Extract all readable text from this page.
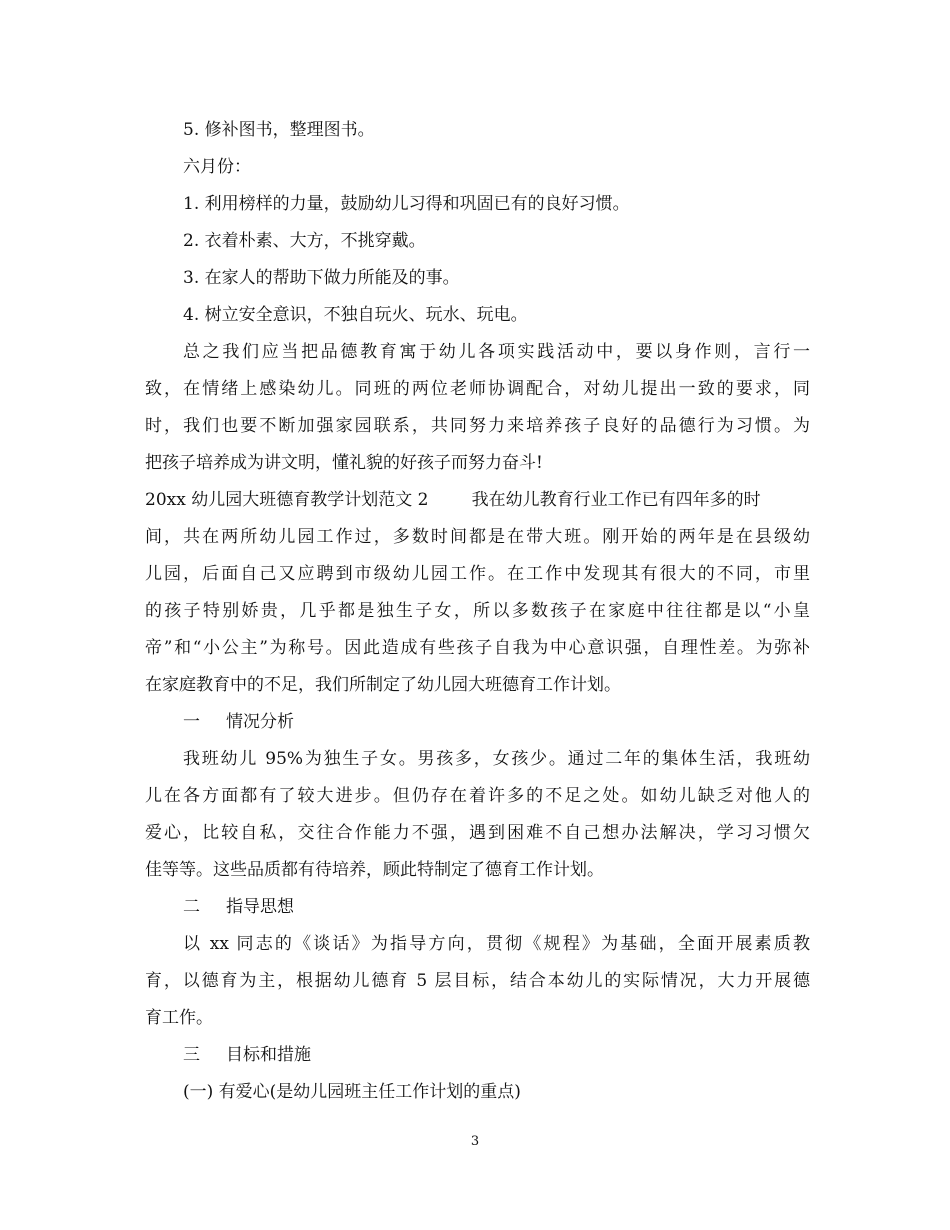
5. 修补图书，整理图书。
六月份：
1. 利用榜样的力量，鼓励幼儿习得和巩固已有的良好习惯。
2. 衣着朴素、大方，不挑穿戴。
3. 在家人的帮助下做力所能及的事。
4. 树立安全意识，不独自玩火、玩水、玩电。
总之我们应当把品德教育寓于幼儿各项实践活动中，要以身作则，言行一
致，在情绪上感染幼儿。同班的两位老师协调配合，对幼儿提出一致的要求，同
时，我们也要不断加强家园联系，共同努力来培养孩子良好的品德行为习惯。为
把孩子培养成为讲文明，懂礼貌的好孩子而努力奋斗!
20xx 幼儿园大班德育教学计划范文 2        我在幼儿教育行业工作已有四年多的时
间，共在两所幼儿园工作过，多数时间都是在带大班。刚开始的两年是在县级幼
儿园，后面自己又应聘到市级幼儿园工作。在工作中发现其有很大的不同，市里
的孩子特别娇贵，几乎都是独生子女，所以多数孩子在家庭中往往都是以“小皇
帝”和“小公主”为称号。因此造成有些孩子自我为中心意识强，自理性差。为弥补
在家庭教育中的不足，我们所制定了幼儿园大班德育工作计划。
一 情况分析
我班幼儿 95%为独生子女。男孩多，女孩少。通过二年的集体生活，我班幼
儿在各方面都有了较大进步。但仍存在着许多的不足之处。如幼儿缺乏对他人的
爱心，比较自私，交往合作能力不强，遇到困难不自己想办法解决，学习习惯欠
佳等等。这些品质都有待培养，顾此特制定了德育工作计划。
二 指导思想
以 xx 同志的《谈话》为指导方向，贯彻《规程》为基础，全面开展素质教
育，以德育为主，根据幼儿德育 5 层目标，结合本幼儿的实际情况，大力开展德
育工作。
三 目标和措施
(一) 有爱心(是幼儿园班主任工作计划的重点)
3
